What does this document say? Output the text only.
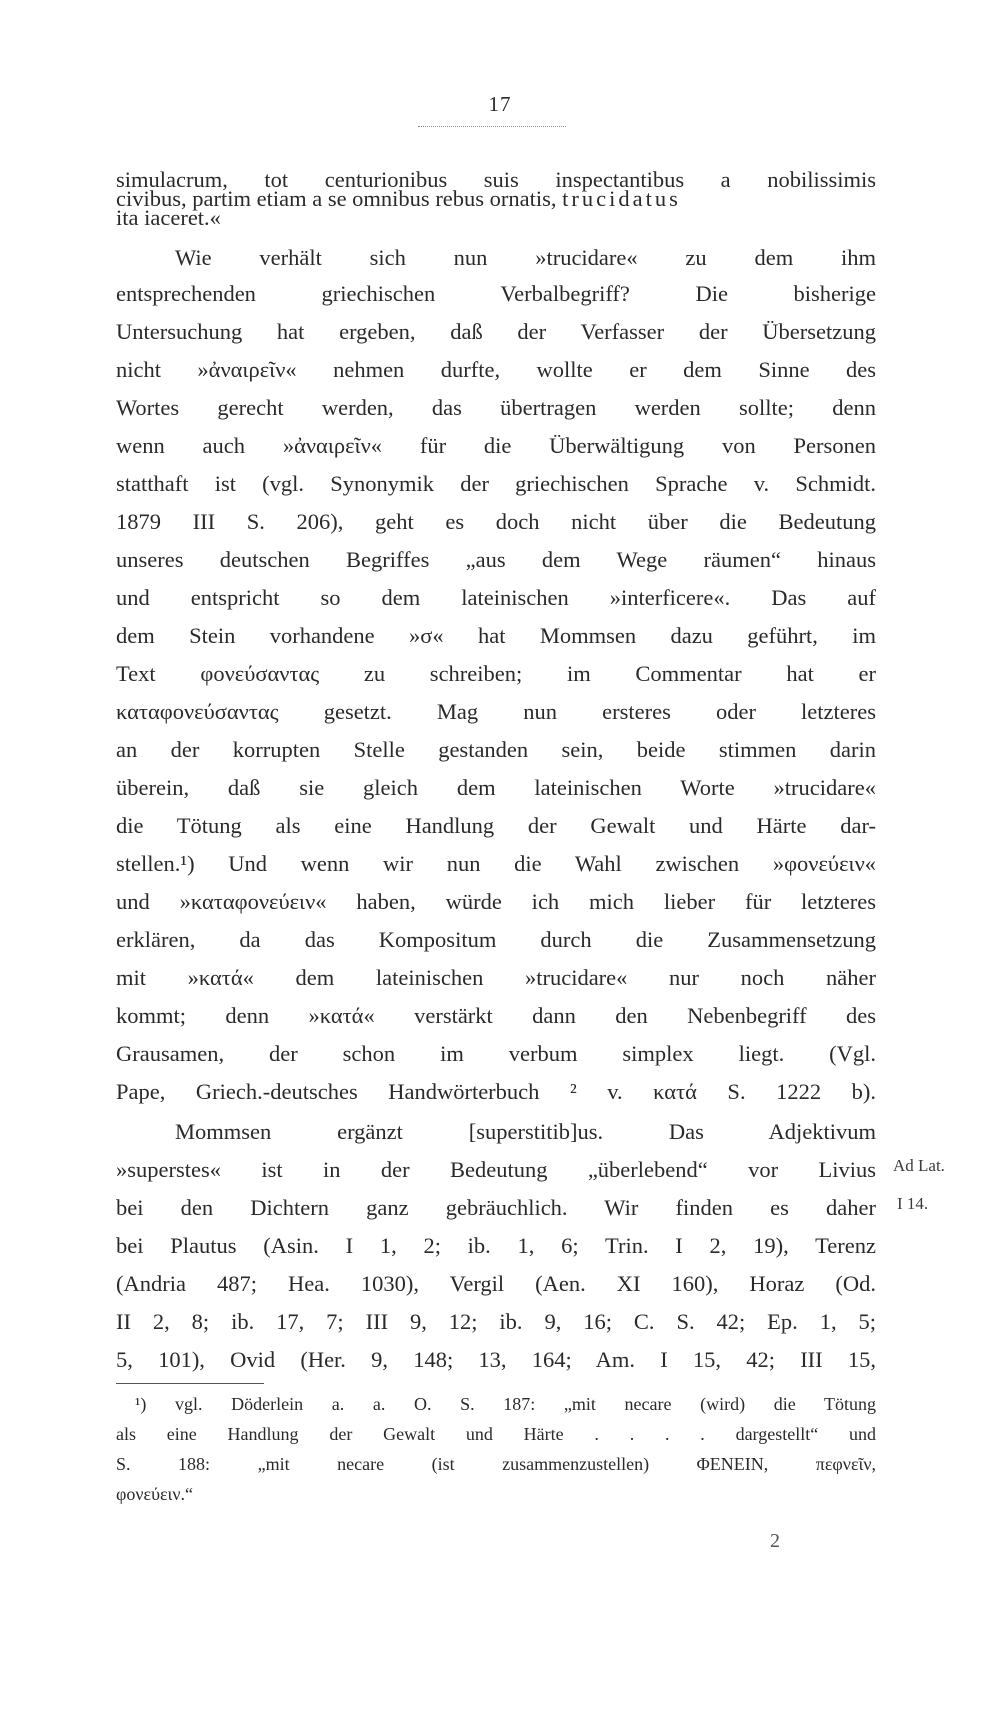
17
simulacrum, tot centurionibus suis inspectantibus a nobilissimis
civibus, partim etiam a se omnibus rebus ornatis, trucidatus
ita iaceret.«
Wie verhält sich nun »trucidare« zu dem ihm
entsprechenden griechischen Verbalbegriff? Die bisherige
Untersuchung hat ergeben, daß der Verfasser der Übersetzung
nicht »ἀναιρεῖν« nehmen durfte, wollte er dem Sinne des
Wortes gerecht werden, das übertragen werden sollte; denn
wenn auch »ἀναιρεῖν« für die Überwältigung von Personen
statthaft ist (vgl. Synonymik der griechischen Sprache v. Schmidt.
1879 III S. 206), geht es doch nicht über die Bedeutung
unseres deutschen Begriffes „aus dem Wege räumen“ hinaus
und entspricht so dem lateinischen »interficere«. Das auf
dem Stein vorhandene »σ« hat Mommsen dazu geführt, im
Text φονεύσαντας zu schreiben; im Commentar hat er
καταφονεύσαντας gesetzt. Mag nun ersteres oder letzteres
an der korrupten Stelle gestanden sein, beide stimmen darin
überein, daß sie gleich dem lateinischen Worte »trucidare«
die Tötung als eine Handlung der Gewalt und Härte dar-
stellen.¹) Und wenn wir nun die Wahl zwischen »φονεύειν«
und »καταφονεύειν« haben, würde ich mich lieber für letzteres
erklären, da das Kompositum durch die Zusammensetzung
mit »κατά« dem lateinischen »trucidare« nur noch näher
kommt; denn »κατά« verstärkt dann den Nebenbegriff des
Grausamen, der schon im verbum simplex liegt. (Vgl.
Pape, Griech.-deutsches Handwörterbuch ² v. κατά S. 1222 b).
Mommsen ergänzt [superstitib]us. Das Adjektivum
»superstes« ist in der Bedeutung „überlebend“ vor Livius
bei den Dichtern ganz gebräuchlich. Wir finden es daher
bei Plautus (Asin. I 1, 2; ib. 1, 6; Trin. I 2, 19), Terenz
(Andria 487; Hea. 1030), Vergil (Aen. XI 160), Horaz (Od.
II 2, 8; ib. 17, 7; III 9, 12; ib. 9, 16; C. S. 42; Ep. 1, 5;
5, 101), Ovid (Her. 9, 148; 13, 164; Am. I 15, 42; III 15,
Ad Lat.
I 14.
¹) vgl. Döderlein a. a. O. S. 187: „mit necare (wird) die Tötung
als eine Handlung der Gewalt und Härte . . . . dargestellt“ und
S. 188: „mit necare (ist zusammenzustellen) ΦΕΝΕΙΝ, πεφνεῖν,
φονεύειν.“
2
